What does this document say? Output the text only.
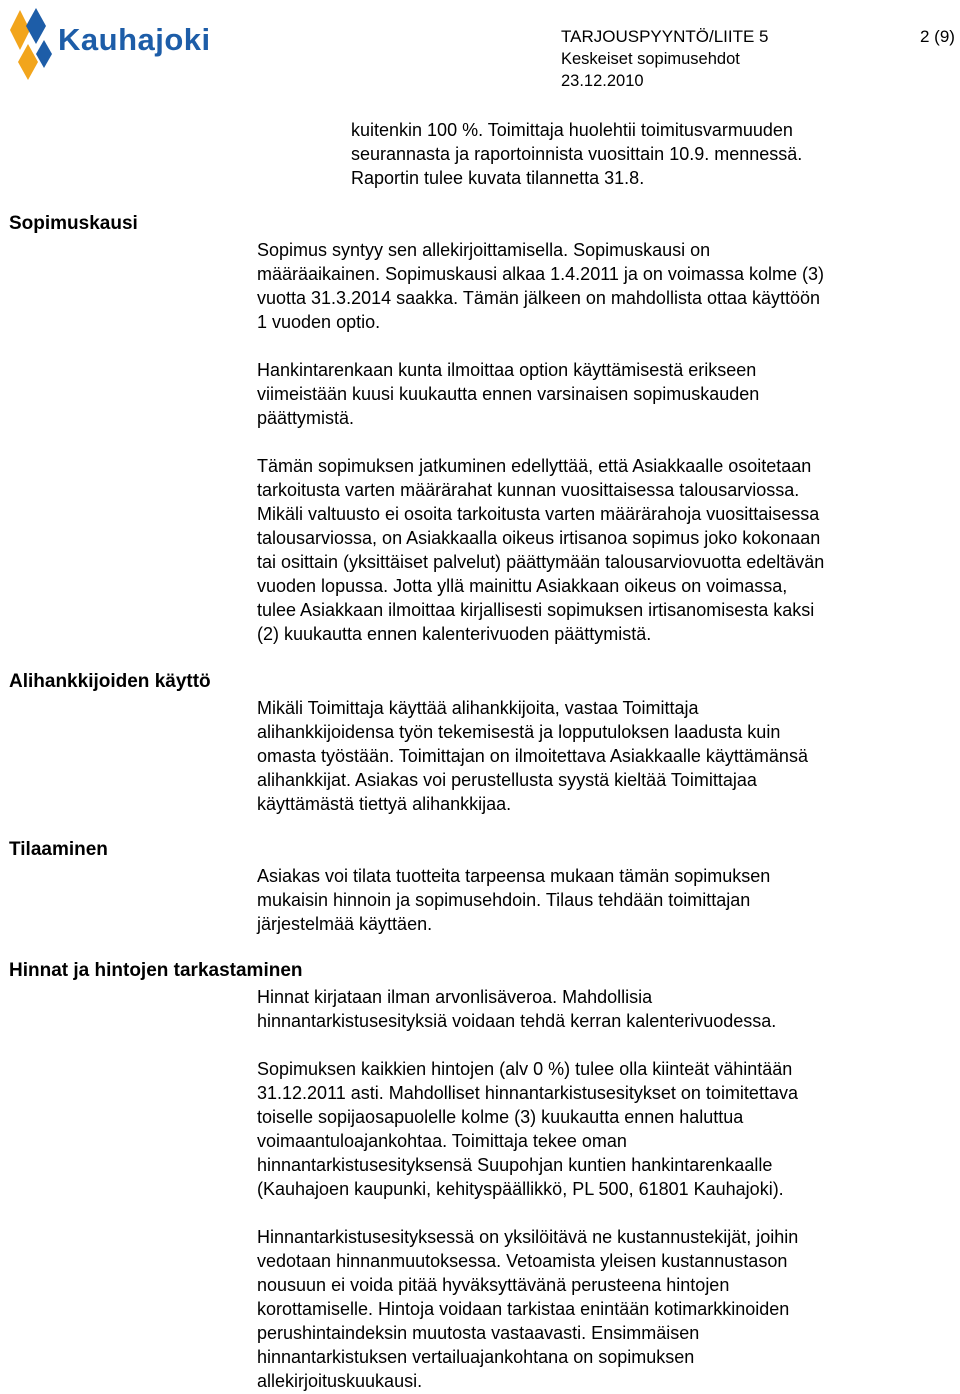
Kauhajoki	TARJOUSPYYNTÖ/LIITE 5
Keskeiset sopimusehdot
23.12.2010
2 (9)

kuitenkin 100 %. Toimittaja huolehtii toimitusvarmuuden
seurannasta ja raportoinnista vuosittain 10.9. mennessä.
Raportin tulee kuvata tilannetta 31.8.

Sopimuskausi

Sopimus syntyy sen allekirjoittamisella. Sopimuskausi on
määräaikainen. Sopimuskausi alkaa 1.4.2011 ja on voimassa kolme (3)
vuotta 31.3.2014 saakka. Tämän jälkeen on mahdollista ottaa käyttöön
1 vuoden optio.

Hankintarenkaan kunta ilmoittaa option käyttämisestä erikseen
viimeistään kuusi kuukautta ennen varsinaisen sopimuskauden
päättymistä.

Tämän sopimuksen jatkuminen edellyttää, että Asiakkaalle osoitetaan
tarkoitusta varten määrärahat kunnan vuosittaisessa talousarviossa.
Mikäli valtuusto ei osoita tarkoitusta varten määrärahoja vuosittaisessa
talousarviossa, on Asiakkaalla oikeus irtisanoa sopimus joko kokonaan
tai osittain (yksittäiset palvelut) päättymään talousarviovuotta edeltävän
vuoden lopussa. Jotta yllä mainittu Asiakkaan oikeus on voimassa,
tulee Asiakkaan ilmoittaa kirjallisesti sopimuksen irtisanomisesta kaksi
(2) kuukautta ennen kalenterivuoden päättymistä.

Alihankkijoiden käyttö

Mikäli Toimittaja käyttää alihankkijoita, vastaa Toimittaja
alihankkijoidensa työn tekemisestä ja lopputuloksen laadusta kuin
omasta työstään. Toimittajan on ilmoitettava Asiakkaalle käyttämänsä
alihankkijat. Asiakas voi perustellusta syystä kieltää Toimittajaa
käyttämästä tiettyä alihankkijaa.

Tilaaminen

Asiakas voi tilata tuotteita tarpeensa mukaan tämän sopimuksen
mukaisin hinnoin ja sopimusehdoin. Tilaus tehdään toimittajan
järjestelmää käyttäen.

Hinnat ja hintojen tarkastaminen

Hinnat kirjataan ilman arvonlisäveroa. Mahdollisia
hinnantarkistusesityksiä voidaan tehdä kerran kalenterivuodessa.

Sopimuksen kaikkien hintojen (alv 0 %) tulee olla kiinteät vähintään
31.12.2011 asti. Mahdolliset hinnantarkistusesitykset on toimitettava
toiselle sopijaosapuolelle kolme (3) kuukautta ennen haluttua
voimaantuloajankohtaa. Toimittaja tekee oman
hinnantarkistusesityksensä Suupohjan kuntien hankintarenkaalle
(Kauhajoen kaupunki, kehityspäällikkö, PL 500, 61801 Kauhajoki).

Hinnantarkistusesityksessä on yksilöitävä ne kustannustekijät, joihin
vedotaan hinnanmuutoksessa. Vetoamista yleisen kustannustason
nousuun ei voida pitää hyväksyttävänä perusteena hintojen
korottamiselle. Hintoja voidaan tarkistaa enintään kotimarkkinoiden
perushintaindeksin muutosta vastaavasti. Ensimmäisen
hinnantarkistuksen vertailuajankohtana on sopimuksen
allekirjoituskuukausi.
